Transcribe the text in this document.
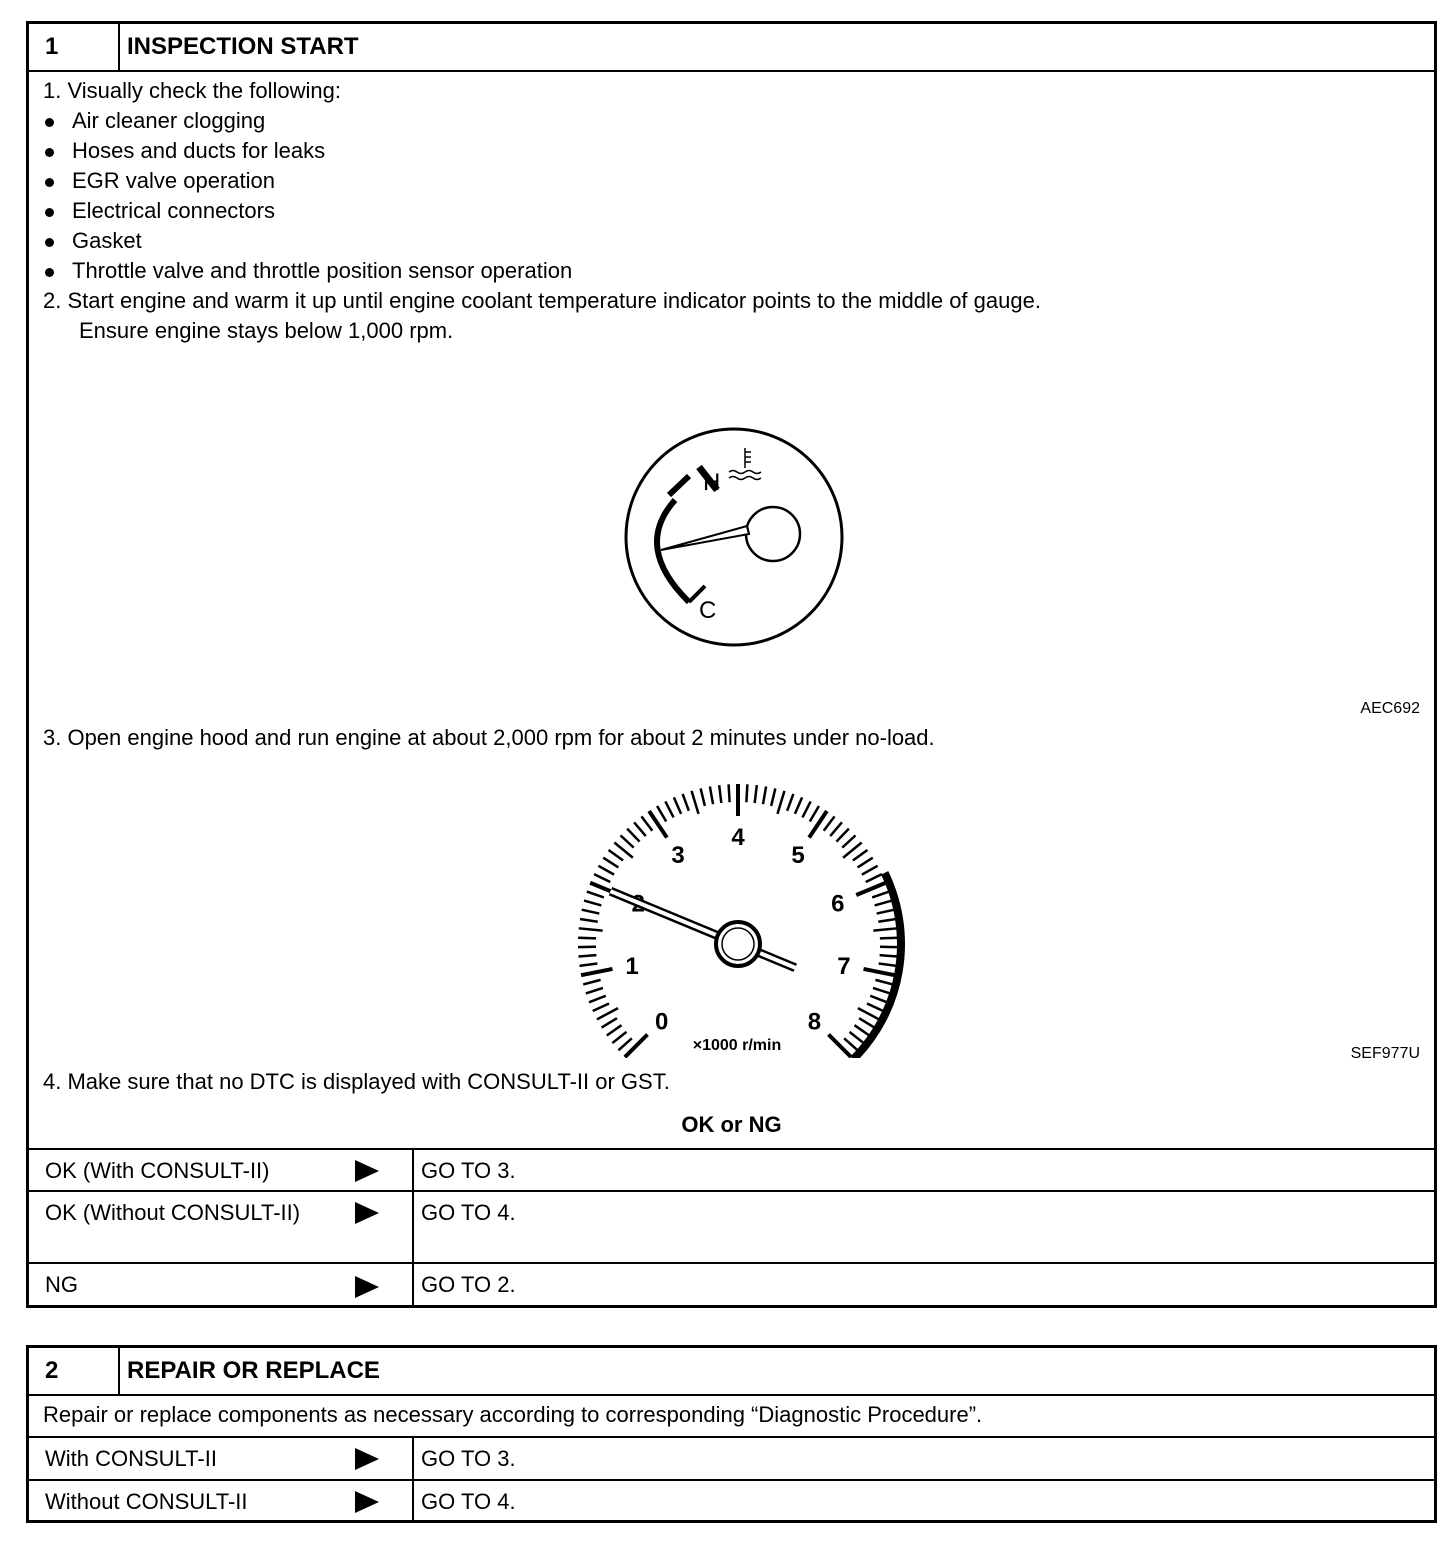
1	INSPECTION START
1. Visually check the following:
Air cleaner clogging
Hoses and ducts for leaks
EGR valve operation
Electrical connectors
Gasket
Throttle valve and throttle position sensor operation
2. Start engine and warm it up until engine coolant temperature indicator points to the middle of gauge.
Ensure engine stays below 1,000 rpm.
H
C
AEC692
3. Open engine hood and run engine at about 2,000 rpm for about 2 minutes under no-load.
0
1
3
4
5
6
7
8
×1000 r/min	SEF977U
4. Make sure that no DTC is displayed with CONSULT-II or GST.
OK or NG
OK (With CONSULT-II)	GO TO 3.
OK (Without CONSULT-II)	GO TO 4.
NG	GO TO 2.
2	REPAIR OR REPLACE
Repair or replace components as necessary according to corresponding “Diagnostic Procedure”.
With CONSULT-II	GO TO 3.
Without CONSULT-II	GO TO 4.
